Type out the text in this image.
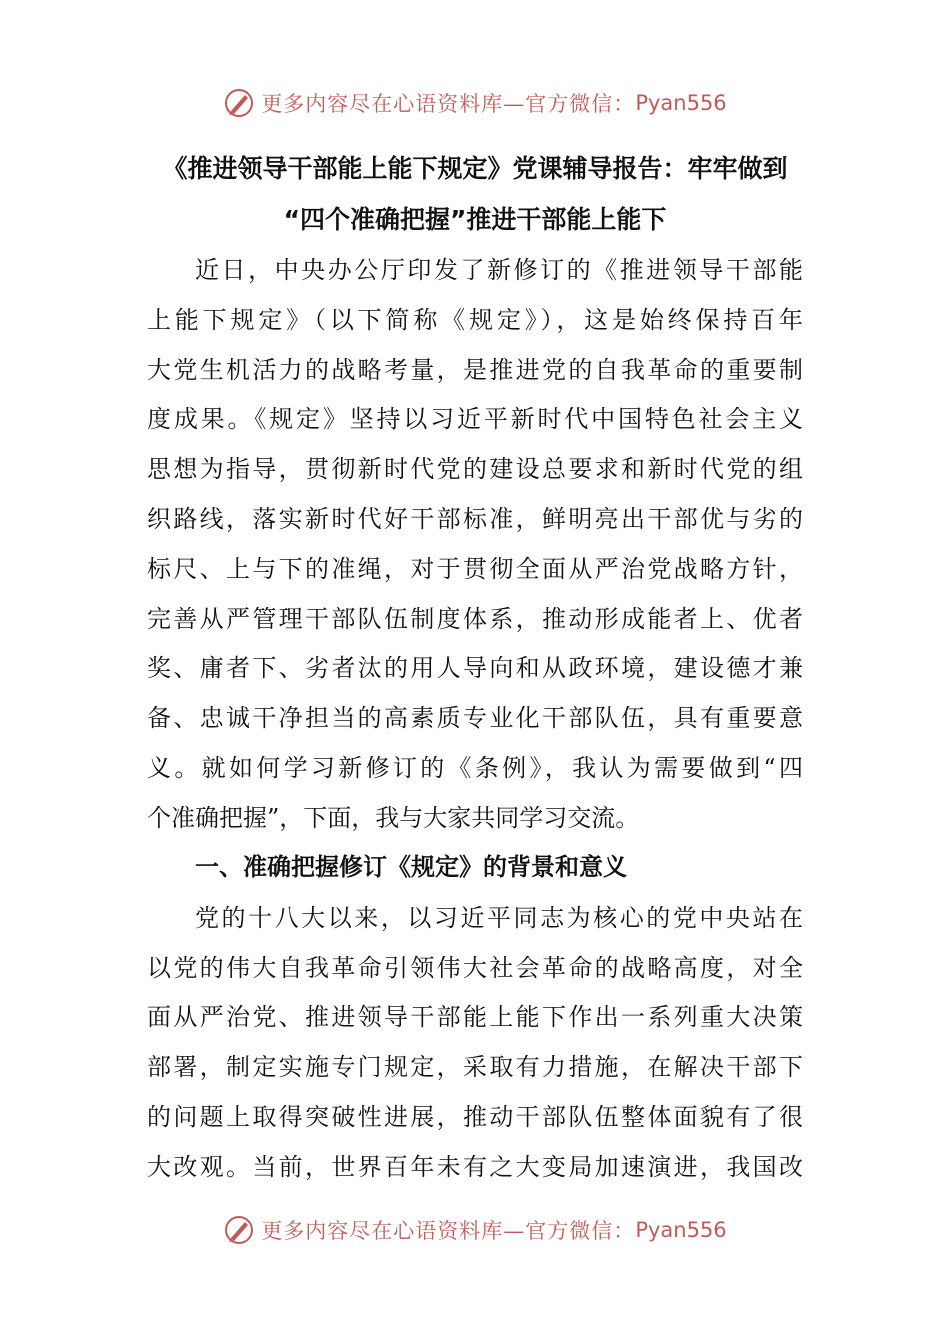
更多内容尽在心语资料库—官方微信： Pyan556
《推进领导干部能上能下规定》党课辅导报告：牢牢做到
“四个准确把握”推进干部能上能下
近日，中央办公厅印发了新修订的《推进领导干部能
上能下规定》（以下简称《规定》），这是始终保持百年
大党生机活力的战略考量，是推进党的自我革命的重要制
度成果。《规定》坚持以习近平新时代中国特色社会主义
思想为指导，贯彻新时代党的建设总要求和新时代党的组
织路线，落实新时代好干部标准，鲜明亮出干部优与劣的
标尺、上与下的准绳，对于贯彻全面从严治党战略方针，
完善从严管理干部队伍制度体系，推动形成能者上、优者
奖、庸者下、劣者汰的用人导向和从政环境，建设德才兼
备、忠诚干净担当的高素质专业化干部队伍，具有重要意
义。就如何学习新修订的《条例》，我认为需要做到“四
个准确把握”，下面，我与大家共同学习交流。
一、准确把握修订《规定》的背景和意义
党的十八大以来，以习近平同志为核心的党中央站在
以党的伟大自我革命引领伟大社会革命的战略高度，对全
面从严治党、推进领导干部能上能下作出一系列重大决策
部署，制定实施专门规定，采取有力措施，在解决干部下
的问题上取得突破性进展，推动干部队伍整体面貌有了很
大改观。当前，世界百年未有之大变局加速演进，我国改
更多内容尽在心语资料库—官方微信： Pyan556
